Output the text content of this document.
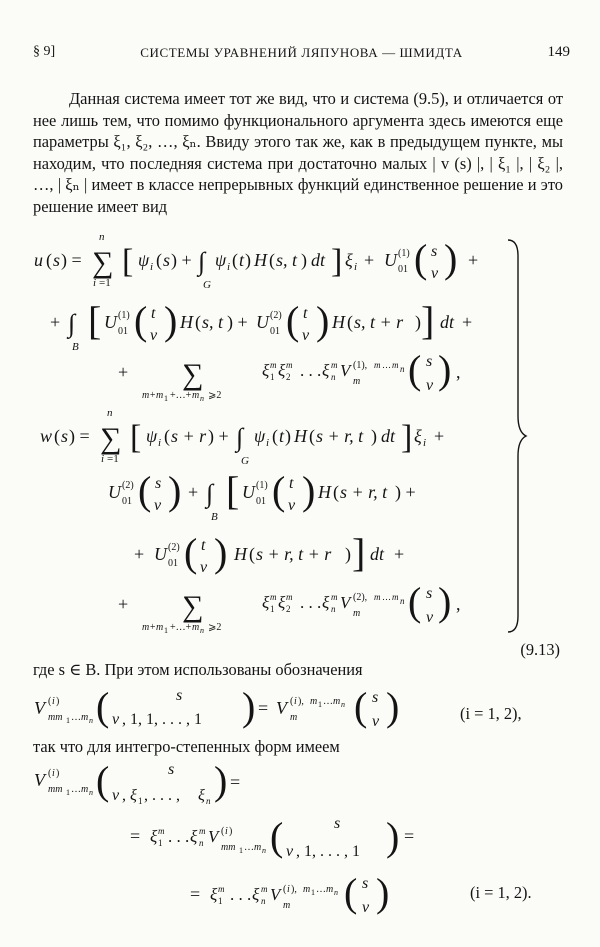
§ 9]	СИСТЕМЫ УРАВНЕНИЙ ЛЯПУНОВА — ШМИДТА	149

Данная система имеет тот же вид, что и система (9.5), и отличается от нее лишь тем, что помимо функционального аргумента здесь имеются еще параметры ξ₁, ξ₂, …, ξₙ. Ввиду этого так же, как в предыдущем пункте, мы находим, что последняя система при достаточно малых | v (s) |, | ξ₁ |, | ξ₂ |, …, | ξₙ | имеет в классе непрерывных функций единственное решение и это решение имеет вид

u ( s ) = ∑
n
i =1
[ ψ i ( s ) + ∫
G
ψ i ( t ) H ( s, t ) dt ] ξ i + U (1)
01 ( s
v ) +
+ ∫
B
[ U (1)
01 ( t
v ) H ( s, t ) + U (2)
01 ( t
v ) H ( s, t + r ) ] dt +
+ ∑
m+m 1 +…+ m n ⩾2
ξ m
1 ξ m
2 . . . ξ m
n V (1), m … m
m
n ( s
v ) ,
w ( s ) = ∑
n
i =1
[ ψ i ( s + r ) + ∫
G
ψ i ( t ) H ( s + r, t ) dt ] ξ i +
U (2)
01 ( s
v ) + ∫
B
[ U (1)
01 ( t
v ) H ( s + r, t ) +
+ U (2)
01 ( t
v ) H ( s + r, t + r ) ] dt +
+ ∑
m+m 1 +…+ m n ⩾2
ξ m
1 ξ m
2 . . . ξ m
n V (2), m … m
m
n ( s
v ) ,
(9.13)
где s ∈ B. При этом использованы обозначения
V ( i )
mm 1 … m n (	s
v , 1, 1, . . . , 1 ) = V ( i ), m 1 … m n
m ( s
v )	(i = 1, 2),
так что для интегро-степенных форм имеем
V ( i )
mm 1 … m n (	s
v , ξ 1 , . . . , ξ n ) =
= ξ m
1 . . . ξ m
n V ( i )
mm 1 … m n (	s
v , 1, . . . , 1 ) =
= ξ m
1 . . . ξ m
n V ( i ), m 1 … m n
m ( s
v )	(i = 1, 2).
